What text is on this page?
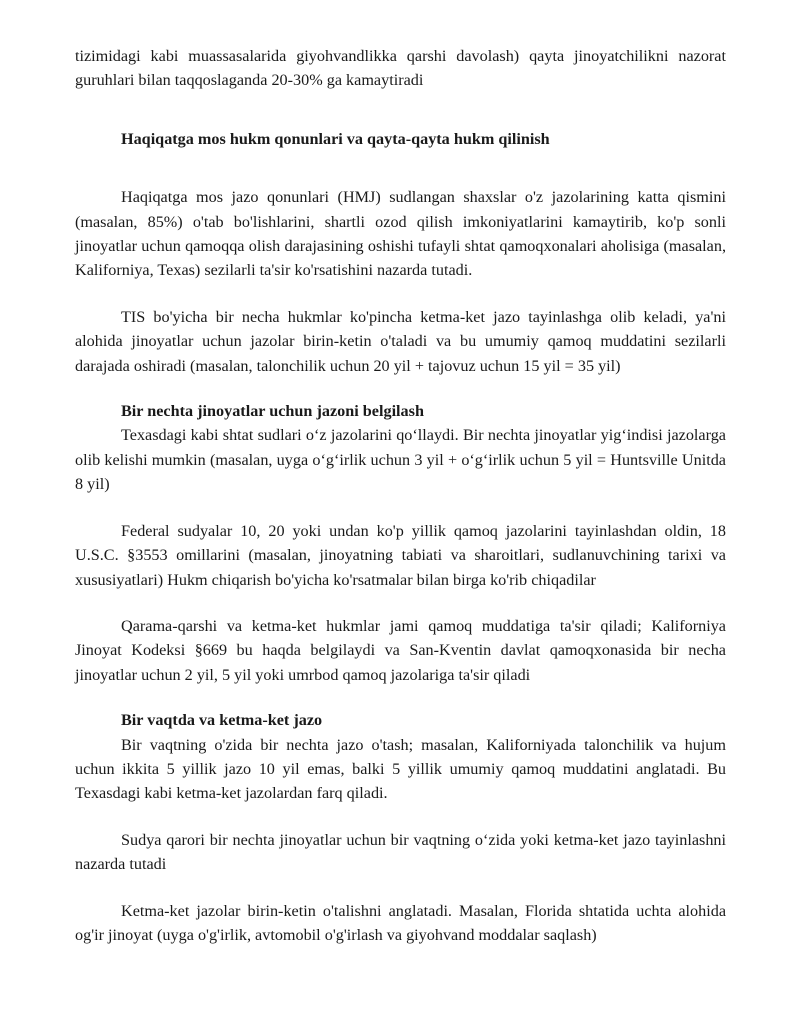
tizimidagi kabi muassasalarida giyohvandlikka qarshi davolash) qayta jinoyatchilikni nazorat guruhlari bilan taqqoslaganda 20-30% ga kamaytiradi

Haqiqatga mos hukm qonunlari va qayta-qayta hukm qilinish

Haqiqatga mos jazo qonunlari (HMJ) sudlangan shaxslar o'z jazolarining katta qismini (masalan, 85%) o'tab bo'lishlarini, shartli ozod qilish imkoniyatlarini kamaytirib, ko'p sonli jinoyatlar uchun qamoqqa olish darajasining oshishi tufayli shtat qamoqxonalari aholisiga (masalan, Kaliforniya, Texas) sezilarli ta'sir ko'rsatishini nazarda tutadi.

TIS bo'yicha bir necha hukmlar ko'pincha ketma-ket jazo tayinlashga olib keladi, ya'ni alohida jinoyatlar uchun jazolar birin-ketin o'taladi va bu umumiy qamoq muddatini sezilarli darajada oshiradi (masalan, talonchilik uchun 20 yil + tajovuz uchun 15 yil = 35 yil)

Bir nechta jinoyatlar uchun jazoni belgilash

Texasdagi kabi shtat sudlari o‘z jazolarini qo‘llaydi. Bir nechta jinoyatlar yig‘indisi jazolarga olib kelishi mumkin (masalan, uyga o‘g‘irlik uchun 3 yil + o‘g‘irlik uchun 5 yil = Huntsville Unitda 8 yil)

Federal sudyalar 10, 20 yoki undan ko'p yillik qamoq jazolarini tayinlashdan oldin, 18 U.S.C. §3553 omillarini (masalan, jinoyatning tabiati va sharoitlari, sudlanuvchining tarixi va xususiyatlari) Hukm chiqarish bo'yicha ko'rsatmalar bilan birga ko'rib chiqadilar

Qarama-qarshi va ketma-ket hukmlar jami qamoq muddatiga ta'sir qiladi; Kaliforniya Jinoyat Kodeksi §669 bu haqda belgilaydi va San-Kventin davlat qamoqxonasida bir necha jinoyatlar uchun 2 yil, 5 yil yoki umrbod qamoq jazolariga ta'sir qiladi

Bir vaqtda va ketma-ket jazo

Bir vaqtning o'zida bir nechta jazo o'tash; masalan, Kaliforniyada talonchilik va hujum uchun ikkita 5 yillik jazo 10 yil emas, balki 5 yillik umumiy qamoq muddatini anglatadi. Bu Texasdagi kabi ketma-ket jazolardan farq qiladi.

Sudya qarori bir nechta jinoyatlar uchun bir vaqtning o‘zida yoki ketma-ket jazo tayinlashni nazarda tutadi

Ketma-ket jazolar birin-ketin o'talishni anglatadi. Masalan, Florida shtatida uchta alohida og'ir jinoyat (uyga o'g'irlik, avtomobil o'g'irlash va giyohvand moddalar saqlash)
